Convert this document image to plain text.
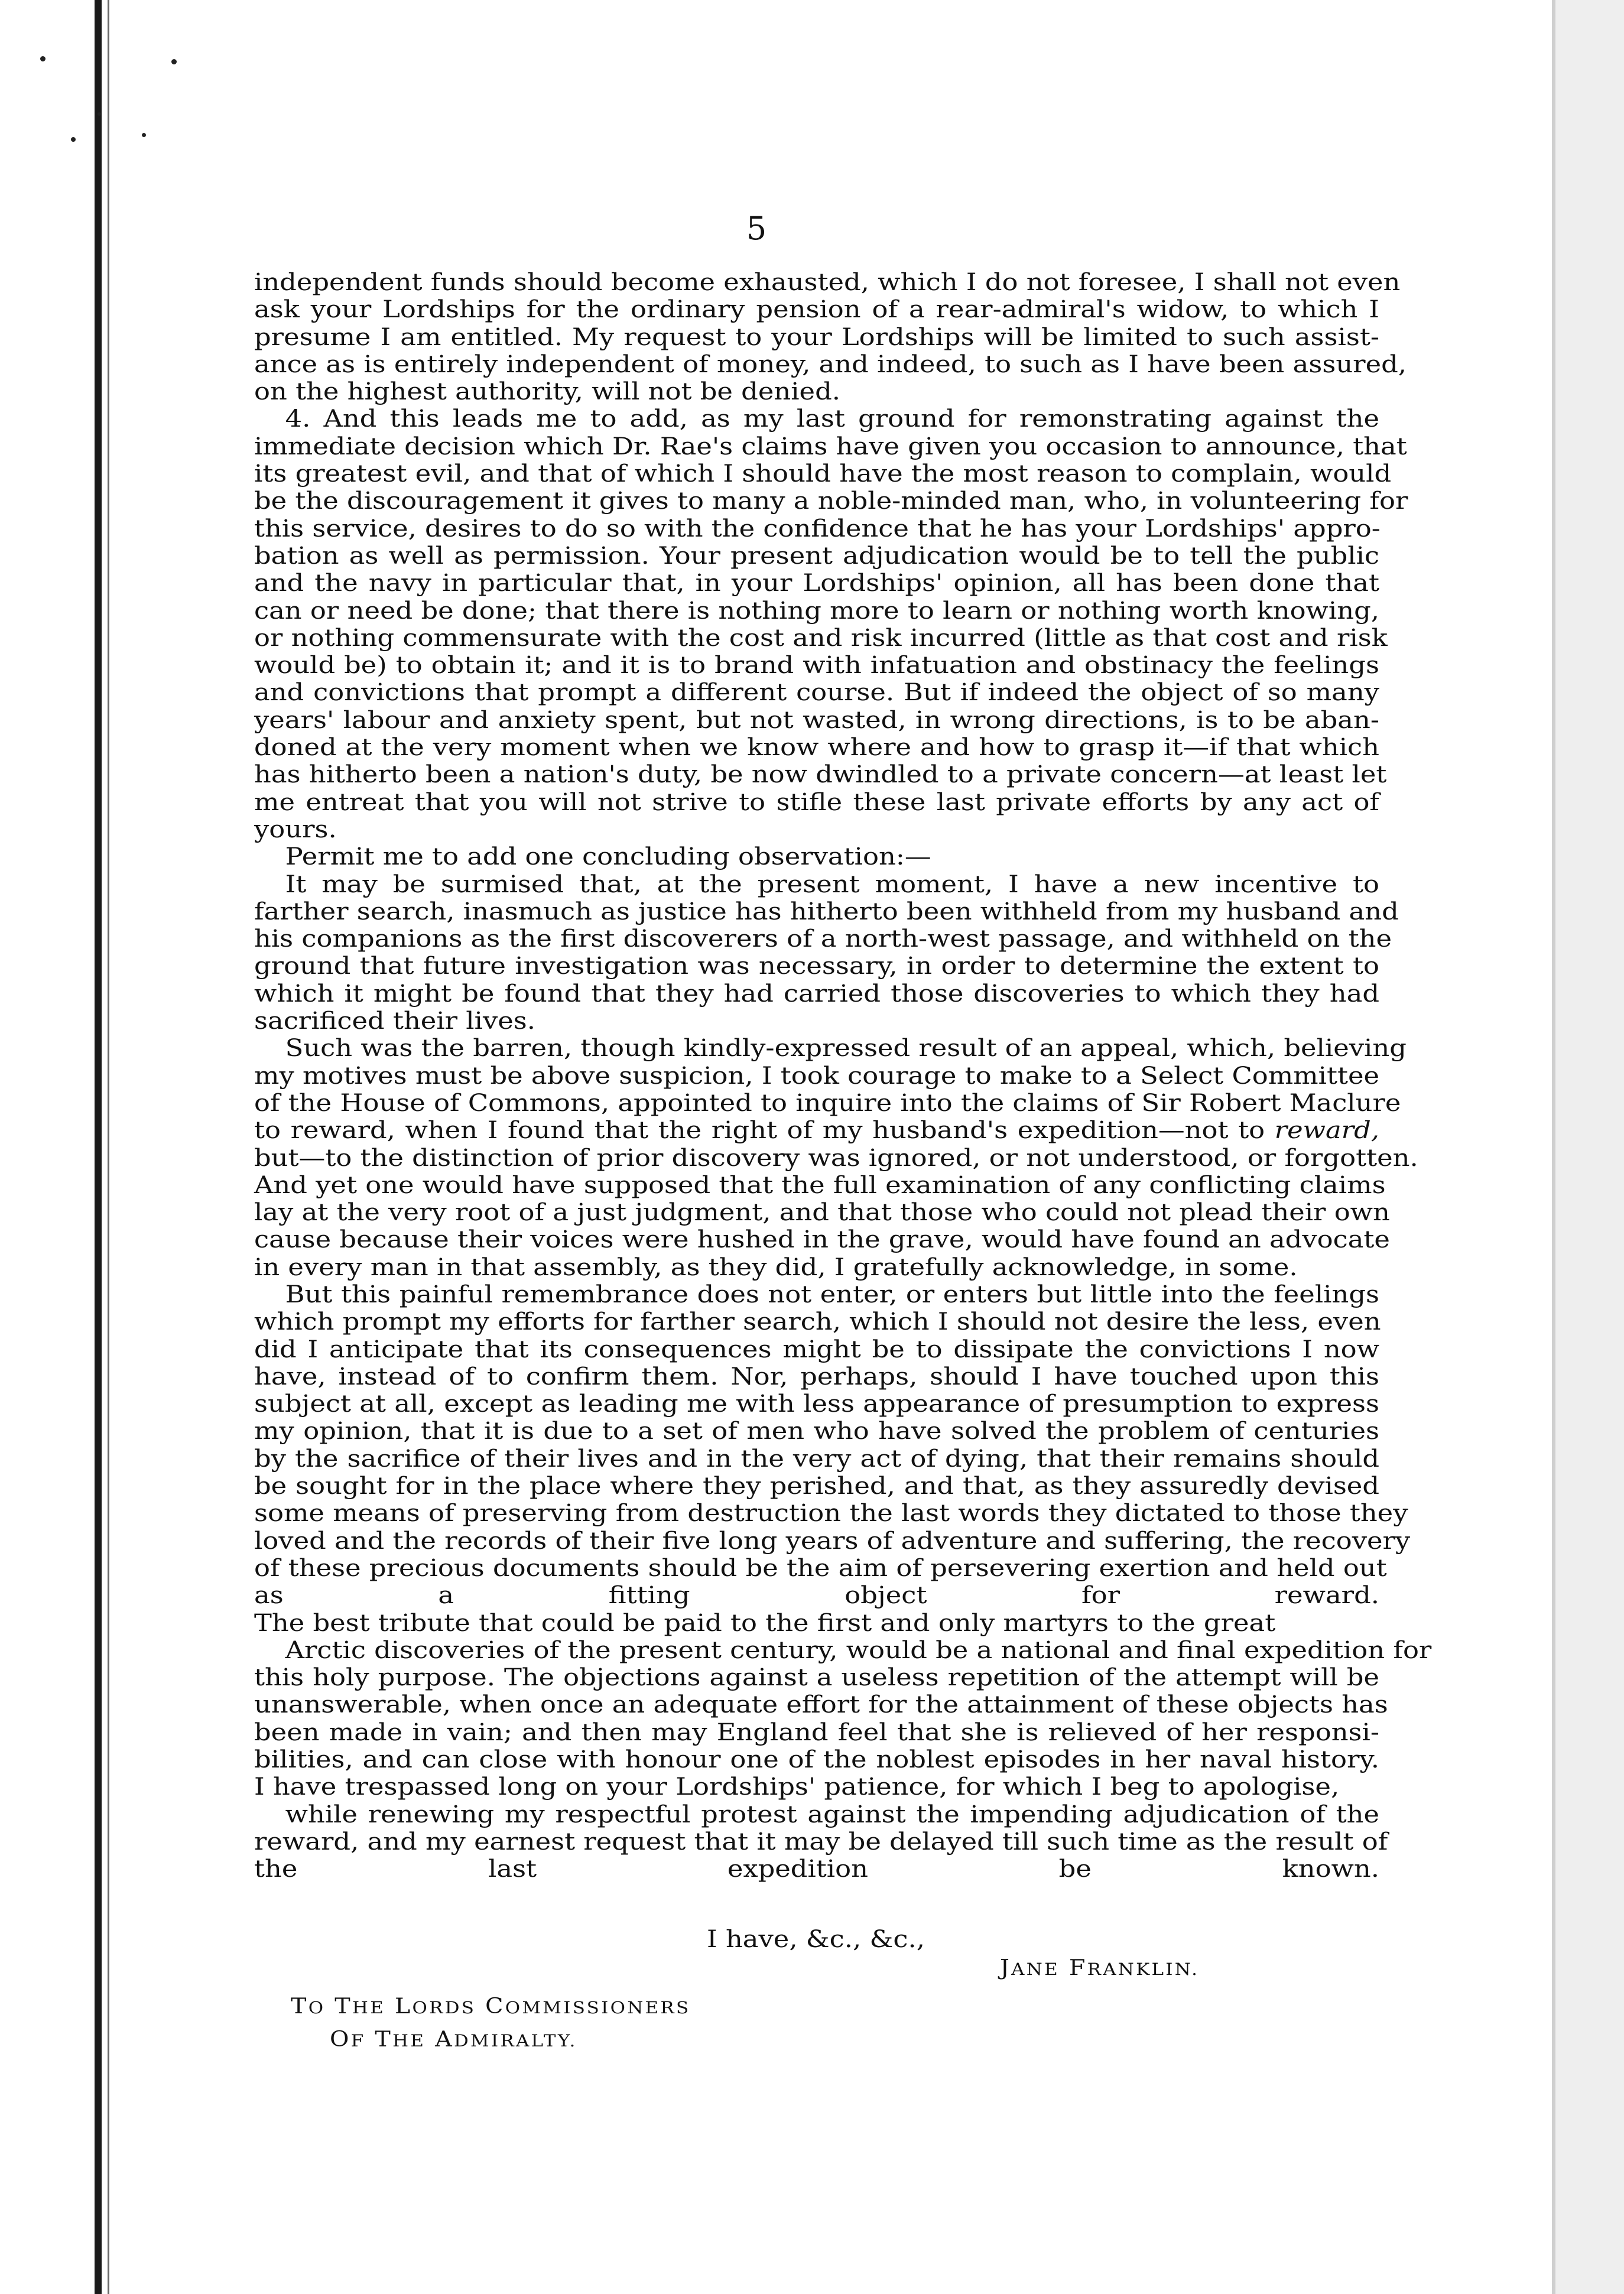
5
independent funds should become exhausted, which I do not foresee, I shall not even
ask your Lordships for the ordinary pension of a rear-admiral's widow, to which I
presume I am entitled. My request to your Lordships will be limited to such assist-
ance as is entirely independent of money, and indeed, to such as I have been assured,
on the highest authority, will not be denied.
4. And this leads me to add, as my last ground for remonstrating against the
immediate decision which Dr. Rae's claims have given you occasion to announce, that
its greatest evil, and that of which I should have the most reason to complain, would
be the discouragement it gives to many a noble-minded man, who, in volunteering for
this service, desires to do so with the confidence that he has your Lordships' appro-
bation as well as permission. Your present adjudication would be to tell the public
and the navy in particular that, in your Lordships' opinion, all has been done that
can or need be done; that there is nothing more to learn or nothing worth knowing,
or nothing commensurate with the cost and risk incurred (little as that cost and risk
would be) to obtain it; and it is to brand with infatuation and obstinacy the feelings
and convictions that prompt a different course. But if indeed the object of so many
years' labour and anxiety spent, but not wasted, in wrong directions, is to be aban-
doned at the very moment when we know where and how to grasp it—if that which
has hitherto been a nation's duty, be now dwindled to a private concern—at least let
me entreat that you will not strive to stifle these last private efforts by any act of
yours.
Permit me to add one concluding observation:—
It may be surmised that, at the present moment, I have a new incentive to
farther search, inasmuch as justice has hitherto been withheld from my husband and
his companions as the first discoverers of a north-west passage, and withheld on the
ground that future investigation was necessary, in order to determine the extent to
which it might be found that they had carried those discoveries to which they had
sacrificed their lives.
Such was the barren, though kindly-expressed result of an appeal, which, believing
my motives must be above suspicion, I took courage to make to a Select Committee
of the House of Commons, appointed to inquire into the claims of Sir Robert Maclure
to reward, when I found that the right of my husband's expedition—not to reward,
but—to the distinction of prior discovery was ignored, or not understood, or forgotten.
And yet one would have supposed that the full examination of any conflicting claims
lay at the very root of a just judgment, and that those who could not plead their own
cause because their voices were hushed in the grave, would have found an advocate
in every man in that assembly, as they did, I gratefully acknowledge, in some.
But this painful remembrance does not enter, or enters but little into the feelings
which prompt my efforts for farther search, which I should not desire the less, even
did I anticipate that its consequences might be to dissipate the convictions I now
have, instead of to confirm them. Nor, perhaps, should I have touched upon this
subject at all, except as leading me with less appearance of presumption to express
my opinion, that it is due to a set of men who have solved the problem of centuries
by the sacrifice of their lives and in the very act of dying, that their remains should
be sought for in the place where they perished, and that, as they assuredly devised
some means of preserving from destruction the last words they dictated to those they
loved and the records of their five long years of adventure and suffering, the recovery
of these precious documents should be the aim of persevering exertion and held out
as a fitting object for reward.
The best tribute that could be paid to the first and only martyrs to the great
Arctic discoveries of the present century, would be a national and final expedition for
this holy purpose. The objections against a useless repetition of the attempt will be
unanswerable, when once an adequate effort for the attainment of these objects has
been made in vain; and then may England feel that she is relieved of her responsi-
bilities, and can close with honour one of the noblest episodes in her naval history.
I have trespassed long on your Lordships' patience, for which I beg to apologise,
while renewing my respectful protest against the impending adjudication of the
reward, and my earnest request that it may be delayed till such time as the result of
the last expedition be known.
I have, &c., &c.,
JANE FRANKLIN.
TO THE LORDS COMMISSIONERS
OF THE ADMIRALTY.
